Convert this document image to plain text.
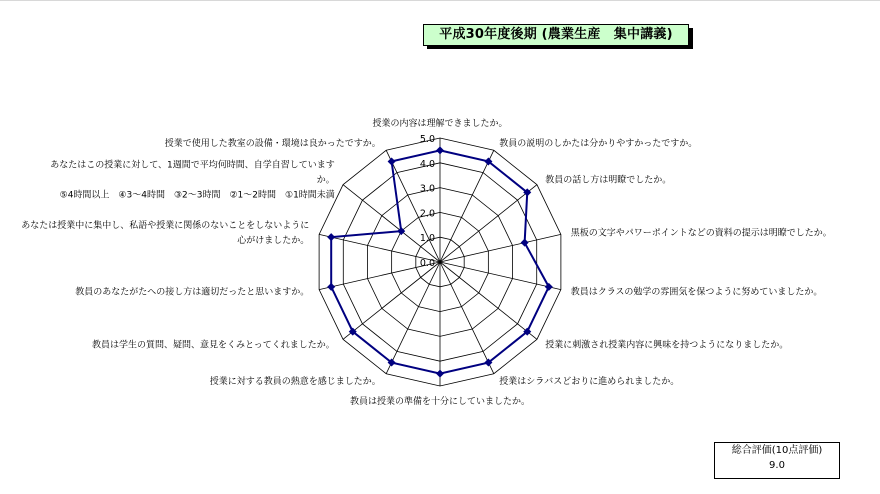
平成30年度後期 (農業生産　集中講義)
0.0
1.0
2.0
3.0
4.0
5.0
授業の内容は理解できましたか。
教員の説明のしかたは分かりやすかったですか。
教員の話し方は明瞭でしたか。
黒板の文字やパワーポイントなどの資料の提示は明瞭でしたか。
教員はクラスの勉学の雰囲気を保つように努めていましたか。
授業に刺激され授業内容に興味を持つようになりましたか。
授業はシラバスどおりに進められましたか。
教員は授業の準備を十分にしていましたか。
授業に対する教員の熱意を感じましたか。
教員は学生の質問、疑問、意見をくみとってくれましたか。
教員のあなたがたへの接し方は適切だったと思いますか。
あなたは授業中に集中し、私語や授業に関係のないことをしないように心がけましたか。
あなたはこの授業に対して、1週間で平均何時間、自学自習していますか。 ⑤4時間以上　④3～4時間　③2～3時間　②1～2時間　①1時間未満
授業で使用した教室の設備・環境は良かったですか。
総合評価(10点評価)
9.0
